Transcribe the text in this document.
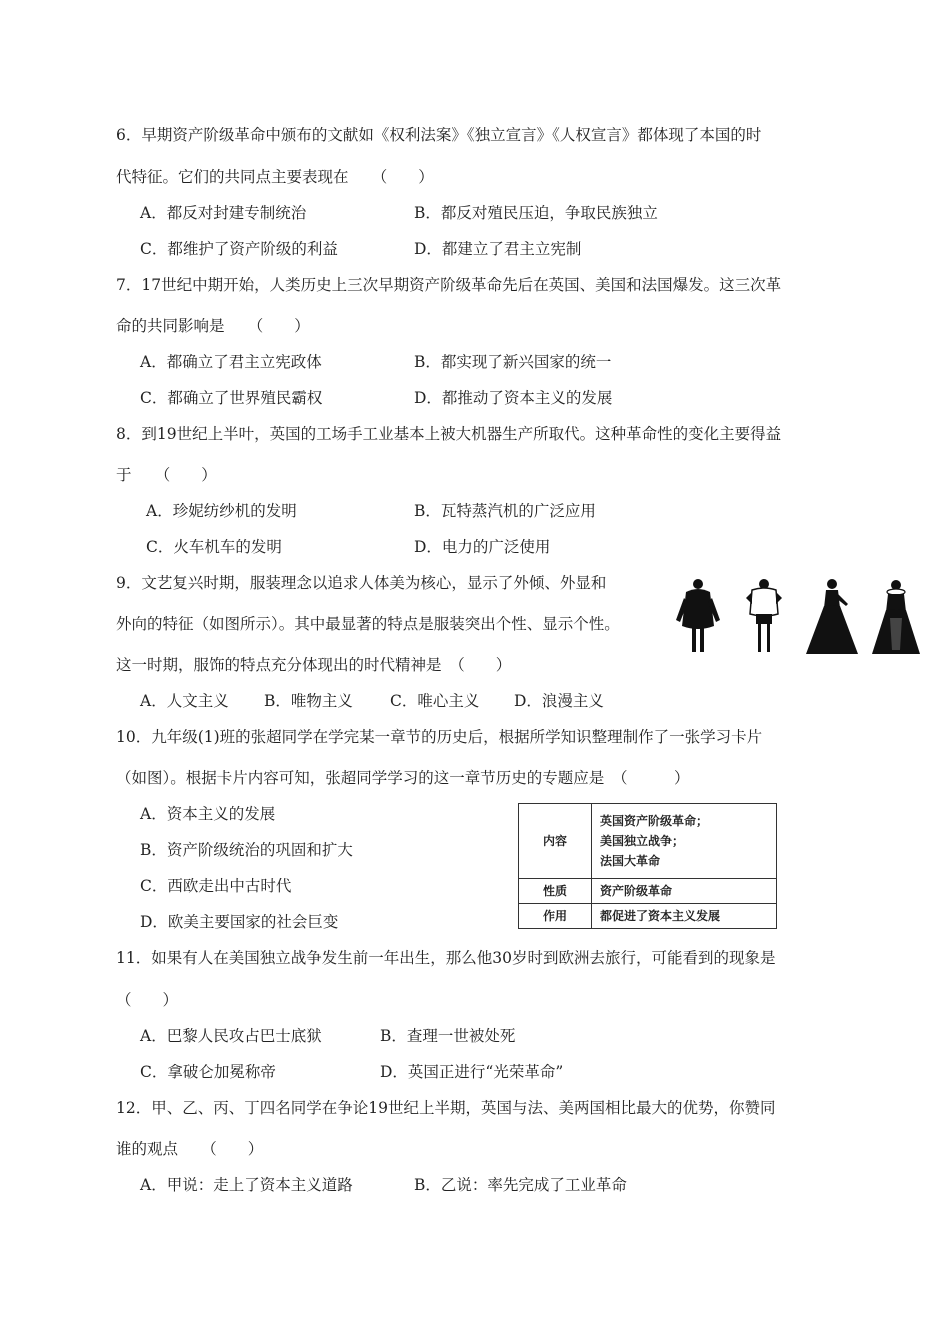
6．早期资产阶级革命中颁布的文献如《权利法案》《独立宣言》《人权宣言》都体现了本国的时
代特征。它们的共同点主要表现在　　（　　）
A．都反对封建专制统治	B．都反对殖民压迫，争取民族独立
C．都维护了资产阶级的利益	D．都建立了君主立宪制
7．17世纪中期开始，人类历史上三次早期资产阶级革命先后在英国、美国和法国爆发。这三次革
命的共同影响是　　（　　）
A．都确立了君主立宪政体	B．都实现了新兴国家的统一
C．都确立了世界殖民霸权	D．都推动了资本主义的发展
8．到19世纪上半叶，英国的工场手工业基本上被大机器生产所取代。这种革命性的变化主要得益
于　　（　　）
A．珍妮纺纱机的发明	B．瓦特蒸汽机的广泛应用
C．火车机车的发明	D．电力的广泛使用
9．文艺复兴时期，服装理念以追求人体美为核心，显示了外倾、外显和
外向的特征（如图所示）。其中最显著的特点是服装突出个性、显示个性。
这一时期，服饰的特点充分体现出的时代精神是　（　　）
A．人文主义 B．唯物主义 C．唯心主义 D．浪漫主义
10．九年级(1)班的张超同学在学完某一章节的历史后，根据所学知识整理制作了一张学习卡片
（如图）。根据卡片内容可知，张超同学学习的这一章节历史的专题应是　（　　　）
A．资本主义的发展
B．资产阶级统治的巩固和扩大
C．西欧走出中古时代
D．欧美主要国家的社会巨变
内容	英国资产阶级革命；
美国独立战争；
法国大革命

性质	资产阶级革命
作用	都促进了资本主义发展
11．如果有人在美国独立战争发生前一年出生，那么他30岁时到欧洲去旅行，可能看到的现象是
（　　）
A．巴黎人民攻占巴士底狱	B．查理一世被处死
C．拿破仑加冕称帝	D．英国正进行“光荣革命”
12．甲、乙、丙、丁四名同学在争论19世纪上半期，英国与法、美两国相比最大的优势，你赞同
谁的观点　　（　　）
A．甲说：走上了资本主义道路	B．乙说：率先完成了工业革命
